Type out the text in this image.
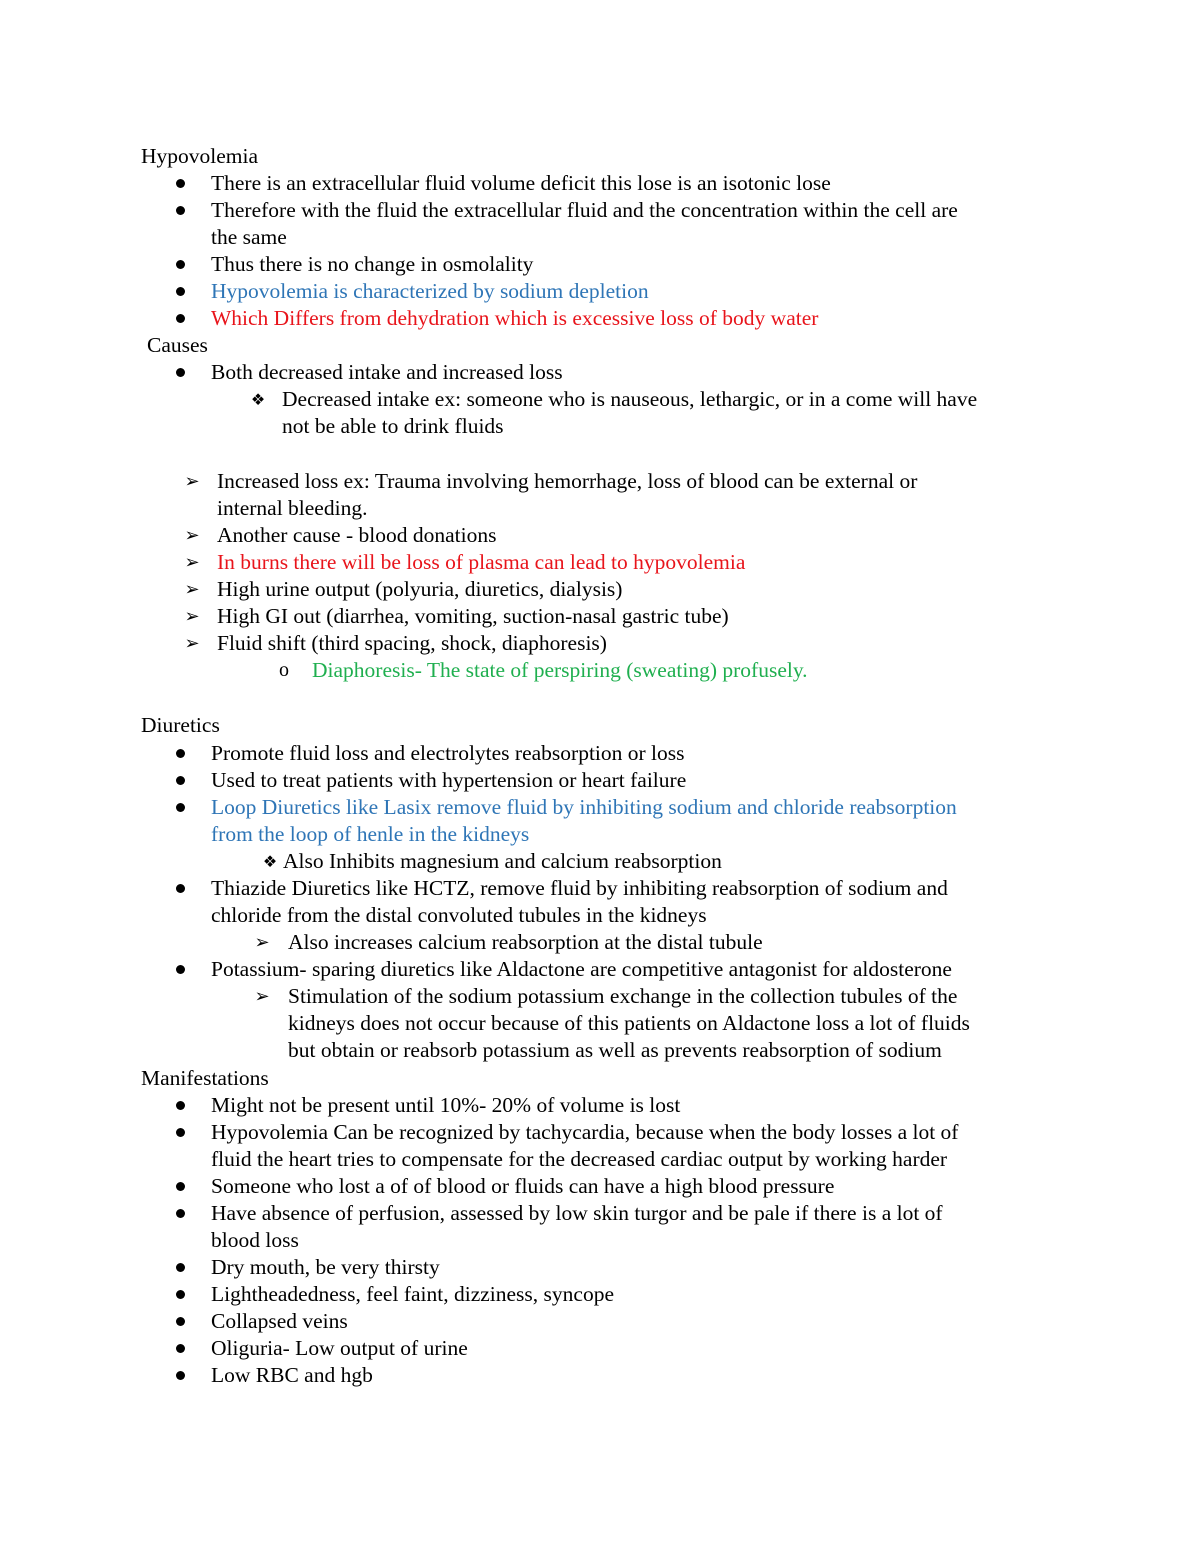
Hypovolemia
There is an extracellular fluid volume deficit this lose is an isotonic lose
Therefore with the fluid the extracellular fluid and the concentration within the cell are
the same
Thus there is no change in osmolality
Hypovolemia is characterized by sodium depletion
Which Differs from dehydration which is excessive loss of body water
Causes
Both decreased intake and increased loss
❖ Decreased intake ex: someone who is nauseous, lethargic, or in a come will have
not be able to drink fluids
➢ Increased loss ex: Trauma involving hemorrhage, loss of blood can be external or
internal bleeding.
➢ Another cause - blood donations
➢ In burns there will be loss of plasma can lead to hypovolemia
➢ High urine output (polyuria, diuretics, dialysis)
➢ High GI out (diarrhea, vomiting, suction-nasal gastric tube)
➢ Fluid shift (third spacing, shock, diaphoresis)
o Diaphoresis- The state of perspiring (sweating) profusely.
Diuretics
Promote fluid loss and electrolytes reabsorption or loss
Used to treat patients with hypertension or heart failure
Loop Diuretics like Lasix remove fluid by inhibiting sodium and chloride reabsorption
from the loop of henle in the kidneys
❖ Also Inhibits magnesium and calcium reabsorption
Thiazide Diuretics like HCTZ, remove fluid by inhibiting reabsorption of sodium and
chloride from the distal convoluted tubules in the kidneys
➢ Also increases calcium reabsorption at the distal tubule
Potassium- sparing diuretics like Aldactone are competitive antagonist for aldosterone
➢ Stimulation of the sodium potassium exchange in the collection tubules of the
kidneys does not occur because of this patients on Aldactone loss a lot of fluids
but obtain or reabsorb potassium as well as prevents reabsorption of sodium
Manifestations
Might not be present until 10%- 20% of volume is lost
Hypovolemia Can be recognized by tachycardia, because when the body losses a lot of
fluid the heart tries to compensate for the decreased cardiac output by working harder
Someone who lost a of of blood or fluids can have a high blood pressure
Have absence of perfusion, assessed by low skin turgor and be pale if there is a lot of
blood loss
Dry mouth, be very thirsty
Lightheadedness, feel faint, dizziness, syncope
Collapsed veins
Oliguria- Low output of urine
Low RBC and hgb
